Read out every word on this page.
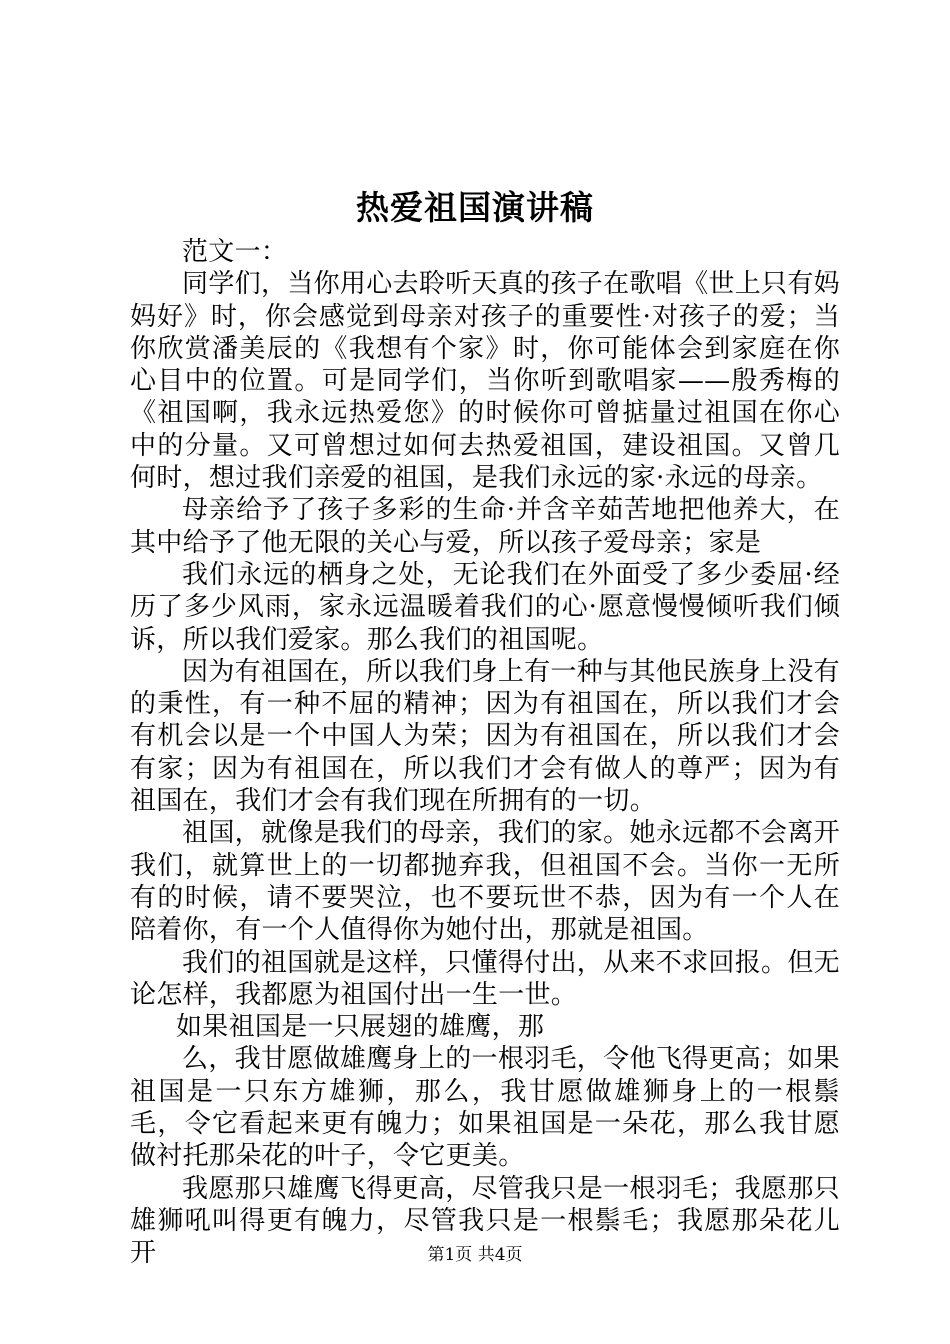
热爱祖国演讲稿

范文一：

同学们，当你用心去聆听天真的孩子在歌唱《世上只有妈妈好》时，你会感觉到母亲对孩子的重要性·对孩子的爱；当你欣赏潘美辰的《我想有个家》时，你可能体会到家庭在你心目中的位置。可是同学们，当你听到歌唱家——殷秀梅的《祖国啊，我永远热爱您》的时候你可曾掂量过祖国在你心中的分量。又可曾想过如何去热爱祖国，建设祖国。又曾几何时，想过我们亲爱的祖国，是我们永远的家·永远的母亲。

母亲给予了孩子多彩的生命·并含辛茹苦地把他养大，在其中给予了他无限的关心与爱，所以孩子爱母亲；家是

我们永远的栖身之处，无论我们在外面受了多少委屈·经历了多少风雨，家永远温暖着我们的心·愿意慢慢倾听我们倾诉，所以我们爱家。那么我们的祖国呢。

因为有祖国在，所以我们身上有一种与其他民族身上没有的秉性，有一种不屈的精神；因为有祖国在，所以我们才会有机会以是一个中国人为荣；因为有祖国在，所以我们才会有家；因为有祖国在，所以我们才会有做人的尊严；因为有祖国在，我们才会有我们现在所拥有的一切。

祖国，就像是我们的母亲，我们的家。她永远都不会离开我们，就算世上的一切都抛弃我，但祖国不会。当你一无所有的时候，请不要哭泣，也不要玩世不恭，因为有一个人在陪着你，有一个人值得你为她付出，那就是祖国。

我们的祖国就是这样，只懂得付出，从来不求回报。但无论怎样，我都愿为祖国付出一生一世。

如果祖国是一只展翅的雄鹰，那

么，我甘愿做雄鹰身上的一根羽毛，令他飞得更高；如果祖国是一只东方雄狮，那么，我甘愿做雄狮身上的一根鬃毛，令它看起来更有魄力；如果祖国是一朵花，那么我甘愿做衬托那朵花的叶子，令它更美。

我愿那只雄鹰飞得更高，尽管我只是一根羽毛；我愿那只雄狮吼叫得更有魄力，尽管我只是一根鬃毛；我愿那朵花儿开	第1页 共4页
